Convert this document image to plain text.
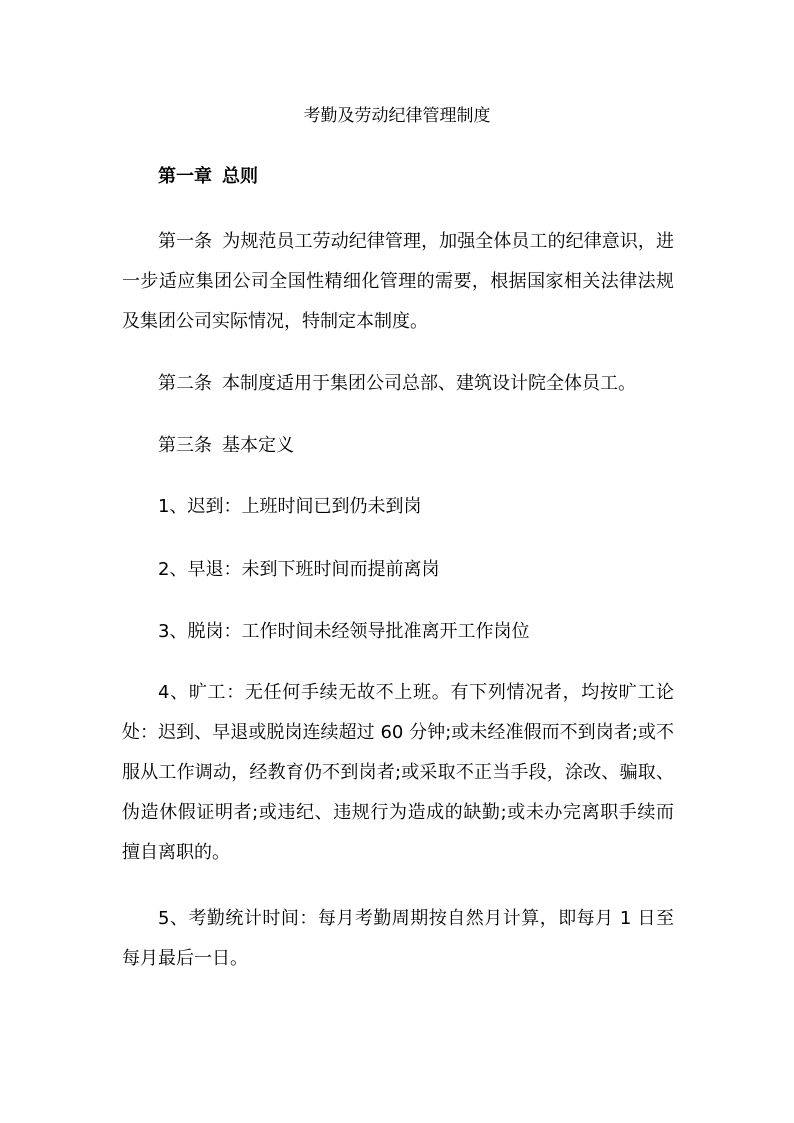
考勤及劳动纪律管理制度
第一章 总则

第一条 为规范员工劳动纪律管理，加强全体员工的纪律意识，进一步适应集团公司全国性精细化管理的需要，根据国家相关法律法规及集团公司实际情况，特制定本制度。

第二条 本制度适用于集团公司总部、建筑设计院全体员工。

第三条 基本定义

1、迟到：上班时间已到仍未到岗

2、早退：未到下班时间而提前离岗

3、脱岗：工作时间未经领导批准离开工作岗位

4、旷工：无任何手续无故不上班。有下列情况者，均按旷工论处：迟到、早退或脱岗连续超过 60 分钟;或未经准假而不到岗者;或不服从工作调动，经教育仍不到岗者;或采取不正当手段，涂改、骗取、伪造休假证明者;或违纪、违规行为造成的缺勤;或未办完离职手续而擅自离职的。

5、考勤统计时间：每月考勤周期按自然月计算，即每月 1 日至每月最后一日。
